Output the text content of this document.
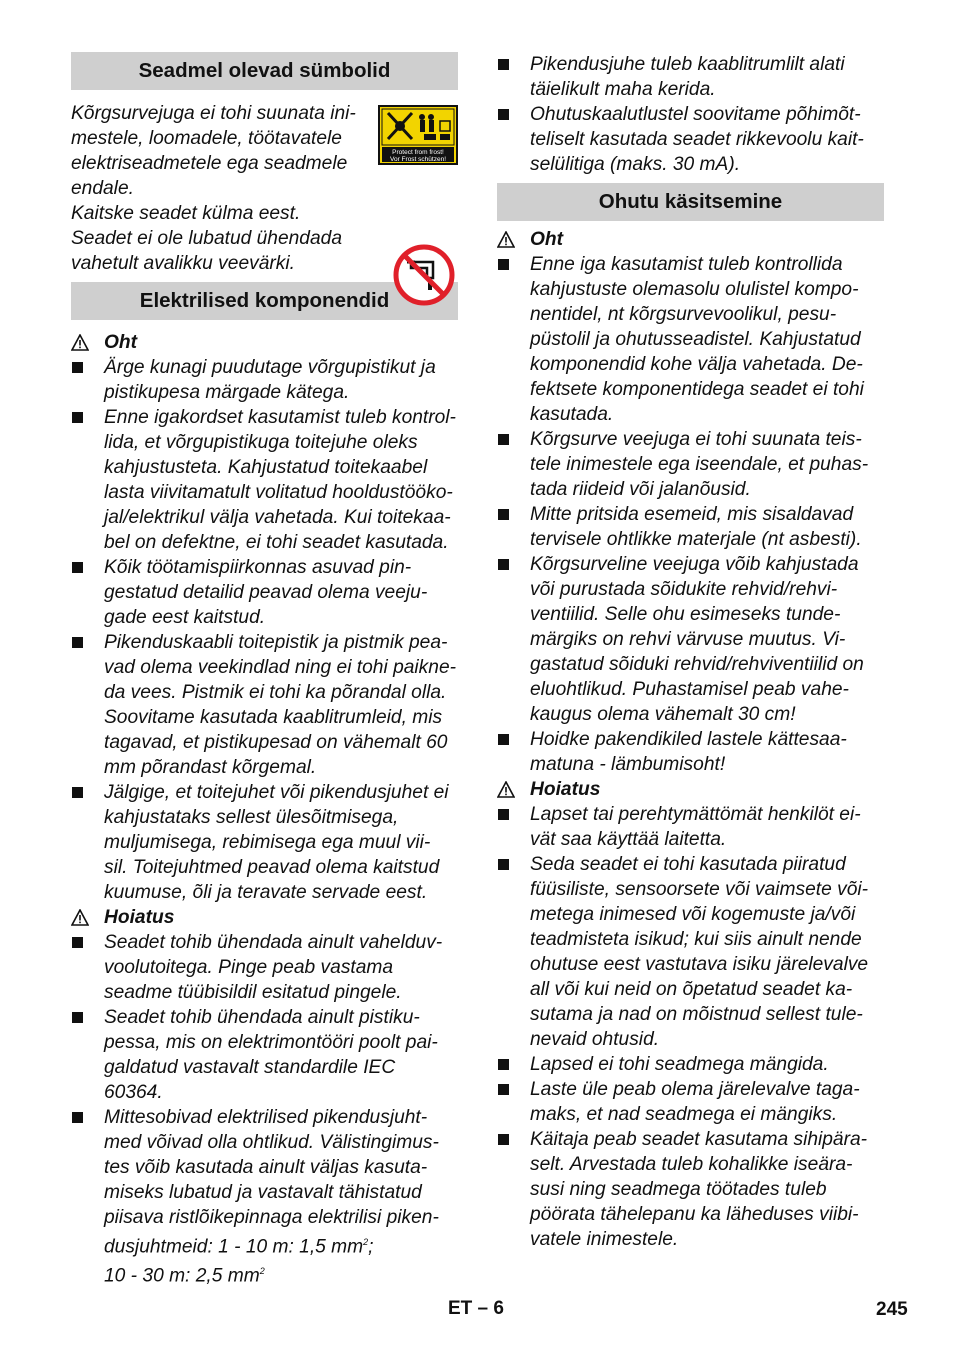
Seadmel olevad sümbolid

Kõrgsurvejuga ei tohi suunata ini- mestele, loomadele, töötavatele elektriseadmetele ega seadmele endale.

Protect from frost!
Vor Frost schützen!

Kaitske seadet külma eest.

Seadet ei ole lubatud ühendada vahetult avalikku veevärki.

Elektrilised komponendid
Oht
Ärge kunagi puudutage võrgupistikut ja pistikupesa märgade kätega.
Enne igakordset kasutamist tuleb kontrol- lida, et võrgupistikuga toitejuhe oleks kahjustusteta. Kahjustatud toitekaabel lasta viivitamatult volitatud hooldustööko- jal/elektrikul välja vahetada. Kui toitekaa- bel on defektne, ei tohi seadet kasutada.
Kõik töötamispiirkonnas asuvad pin- gestatud detailid peavad olema veeju- gade eest kaitstud.
Pikenduskaabli toitepistik ja pistmik pea- vad olema veekindlad ning ei tohi paikne- da vees. Pistmik ei tohi ka põrandal olla. Soovitame kasutada kaablitrumleid, mis tagavad, et pistikupesad on vähemalt 60 mm põrandast kõrgemal.
Jälgige, et toitejuhet või pikendusjuhet ei kahjustataks sellest ülesõitmisega, muljumisega, rebimisega ega muul vii- sil. Toitejuhtmed peavad olema kaitstud kuumuse, õli ja teravate servade eest.
Hoiatus
Seadet tohib ühendada ainult vahelduv- voolutoitega. Pinge peab vastama seadme tüübisildil esitatud pingele.
Seadet tohib ühendada ainult pistiku- pessa, mis on elektrimontööri poolt pai- galdatud vastavalt standardile IEC 60364.
Mittesobivad elektrilised pikendusjuht- med võivad olla ohtlikud. Välistingimus- tes võib kasutada ainult väljas kasuta- miseks lubatud ja vastavalt tähistatud piisava ristlõikepinnaga elektrilisi piken- dusjuhtmeid: 1 - 10 m: 1,5 $mm^2$;
10 - 30 m: 2,5 $mm^2$
Pikendusjuhe tuleb kaablitrumlilt alati täielikult maha kerida.
Ohutuskaalutlustel soovitame põhimõt- teliselt kasutada seadet rikkevoolu kait- selülitiga (maks. 30 mA).
Ohutu käsitsemine
Oht
Enne iga kasutamist tuleb kontrollida kahjustuste olemasolu olulistel kompo- nentidel, nt kõrgsurvevoolikul, pesu- püstolil ja ohutusseadistel. Kahjustatud komponendid kohe välja vahetada. De- fektsete komponentidega seadet ei tohi kasutada.
Kõrgsurve veejuga ei tohi suunata teis- tele inimestele ega iseendale, et puhas- tada riideid või jalanõusid.
Mitte pritsida esemeid, mis sisaldavad tervisele ohtlikke materjale (nt asbesti).
Kõrgsurveline veejuga võib kahjustada või purustada sõidukite rehvid/rehvi- ventiilid. Selle ohu esimeseks tunde- märgiks on rehvi värvuse muutus. Vi- gastatud sõiduki rehvid/rehviventiilid on eluohtlikud. Puhastamisel peab vahe- kaugus olema vähemalt 30 cm!
Hoidke pakendikiled lastele kättesaa- matuna - lämbumisoht!
Hoiatus
Lapset tai perehtymättömät henkilöt ei- vät saa käyttää laitetta.
Seda seadet ei tohi kasutada piiratud füüsiliste, sensoorsete või vaimsete või- metega inimesed või kogemuste ja/või teadmisteta isikud; kui siis ainult nende ohutuse eest vastutava isiku järelevalve all või kui neid on õpetatud seadet ka- sutama ja nad on mõistnud sellest tule- nevaid ohtusid.
Lapsed ei tohi seadmega mängida.
Laste üle peab olema järelevalve taga- maks, et nad seadmega ei mängiks.
Käitaja peab seadet kasutama sihipära- selt. Arvestada tuleb kohalikke iseära- susi ning seadmega töötades tuleb pöörata tähelepanu ka läheduses viibi- vatele inimestele.
ET – 6	245
